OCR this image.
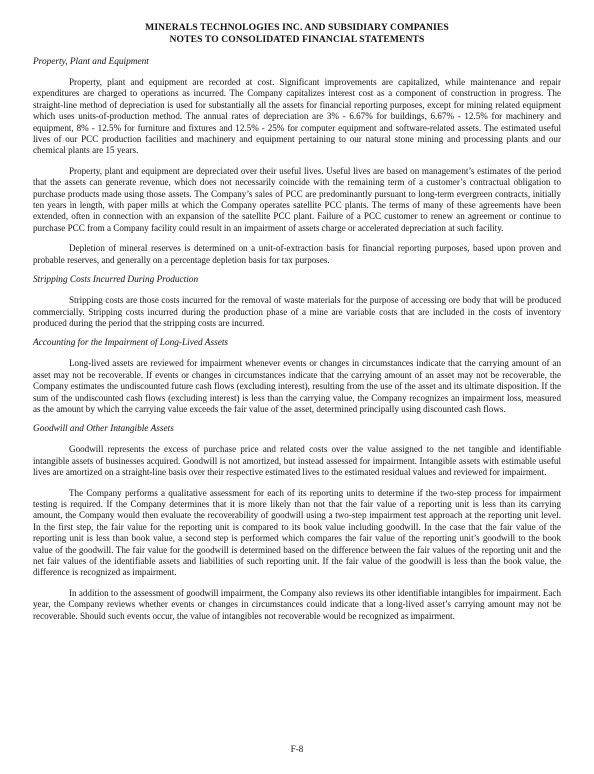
MINERALS TECHNOLOGIES INC. AND SUBSIDIARY COMPANIES
NOTES TO CONSOLIDATED FINANCIAL STATEMENTS
Property, Plant and Equipment

Property, plant and equipment are recorded at cost. Significant improvements are capitalized, while maintenance and repair expenditures are charged to operations as incurred. The Company capitalizes interest cost as a component of construction in progress. The straight-line method of depreciation is used for substantially all the assets for financial reporting purposes, except for mining related equipment which uses units-of-production method. The annual rates of depreciation are 3% - 6.67% for buildings, 6.67% - 12.5% for machinery and equipment, 8% - 12.5% for furniture and fixtures and 12.5% - 25% for computer equipment and software-related assets. The estimated useful lives of our PCC production facilities and machinery and equipment pertaining to our natural stone mining and processing plants and our chemical plants are 15 years.

Property, plant and equipment are depreciated over their useful lives. Useful lives are based on management’s estimates of the period that the assets can generate revenue, which does not necessarily coincide with the remaining term of a customer’s contractual obligation to purchase products made using those assets. The Company’s sales of PCC are predominantly pursuant to long-term evergreen contracts, initially ten years in length, with paper mills at which the Company operates satellite PCC plants. The terms of many of these agreements have been extended, often in connection with an expansion of the satellite PCC plant. Failure of a PCC customer to renew an agreement or continue to purchase PCC from a Company facility could result in an impairment of assets charge or accelerated depreciation at such facility.

Depletion of mineral reserves is determined on a unit-of-extraction basis for financial reporting purposes, based upon proven and probable reserves, and generally on a percentage depletion basis for tax purposes.

Stripping Costs Incurred During Production

Stripping costs are those costs incurred for the removal of waste materials for the purpose of accessing ore body that will be produced commercially. Stripping costs incurred during the production phase of a mine are variable costs that are included in the costs of inventory produced during the period that the stripping costs are incurred.

Accounting for the Impairment of Long-Lived Assets

Long-lived assets are reviewed for impairment whenever events or changes in circumstances indicate that the carrying amount of an asset may not be recoverable. If events or changes in circumstances indicate that the carrying amount of an asset may not be recoverable, the Company estimates the undiscounted future cash flows (excluding interest), resulting from the use of the asset and its ultimate disposition. If the sum of the undiscounted cash flows (excluding interest) is less than the carrying value, the Company recognizes an impairment loss, measured as the amount by which the carrying value exceeds the fair value of the asset, determined principally using discounted cash flows.

Goodwill and Other Intangible Assets

Goodwill represents the excess of purchase price and related costs over the value assigned to the net tangible and identifiable intangible assets of businesses acquired. Goodwill is not amortized, but instead assessed for impairment. Intangible assets with estimable useful lives are amortized on a straight-line basis over their respective estimated lives to the estimated residual values and reviewed for impairment.

The Company performs a qualitative assessment for each of its reporting units to determine if the two-step process for impairment testing is required. If the Company determines that it is more likely than not that the fair value of a reporting unit is less than its carrying amount, the Company would then evaluate the recoverability of goodwill using a two-step impairment test approach at the reporting unit level. In the first step, the fair value for the reporting unit is compared to its book value including goodwill. In the case that the fair value of the reporting unit is less than book value, a second step is performed which compares the fair value of the reporting unit’s goodwill to the book value of the goodwill. The fair value for the goodwill is determined based on the difference between the fair values of the reporting unit and the net fair values of the identifiable assets and liabilities of such reporting unit. If the fair value of the goodwill is less than the book value, the difference is recognized as impairment.

In addition to the assessment of goodwill impairment, the Company also reviews its other identifiable intangibles for impairment. Each year, the Company reviews whether events or changes in circumstances could indicate that a long-lived asset’s carrying amount may not be recoverable. Should such events occur, the value of intangibles not recoverable would be recognized as impairment.

F-8
